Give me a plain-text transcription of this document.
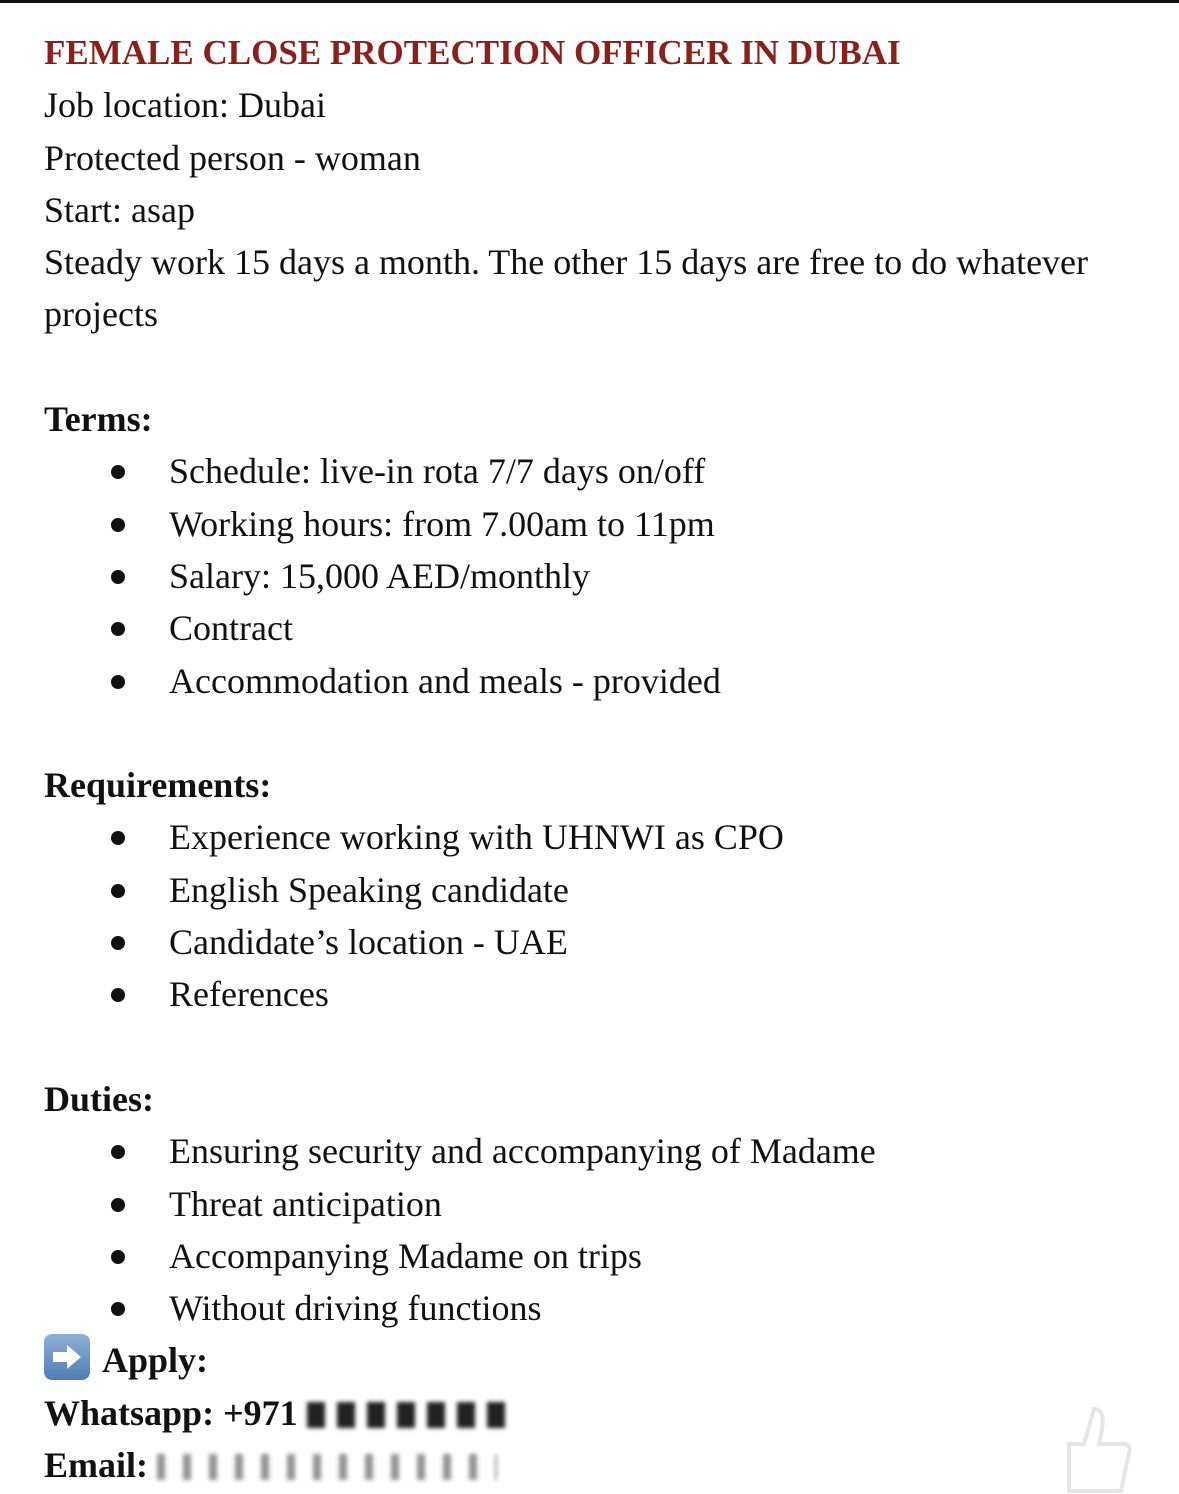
FEMALE CLOSE PROTECTION OFFICER IN DUBAI
Job location: Dubai
Protected person - woman
Start: asap
Steady work 15 days a month. The other 15 days are free to do whatever
projects
Terms:
Schedule: live-in rota 7/7 days on/off
Working hours: from 7.00am to 11pm
Salary: 15,000 AED/monthly
Contract
Accommodation and meals - provided
Requirements:
Experience working with UHNWI as CPO
English Speaking candidate
Candidate’s location - UAE
References
Duties:
Ensuring security and accompanying of Madame
Threat anticipation
Accompanying Madame on trips
Without driving functions
Apply:
Whatsapp: +971
Email:
